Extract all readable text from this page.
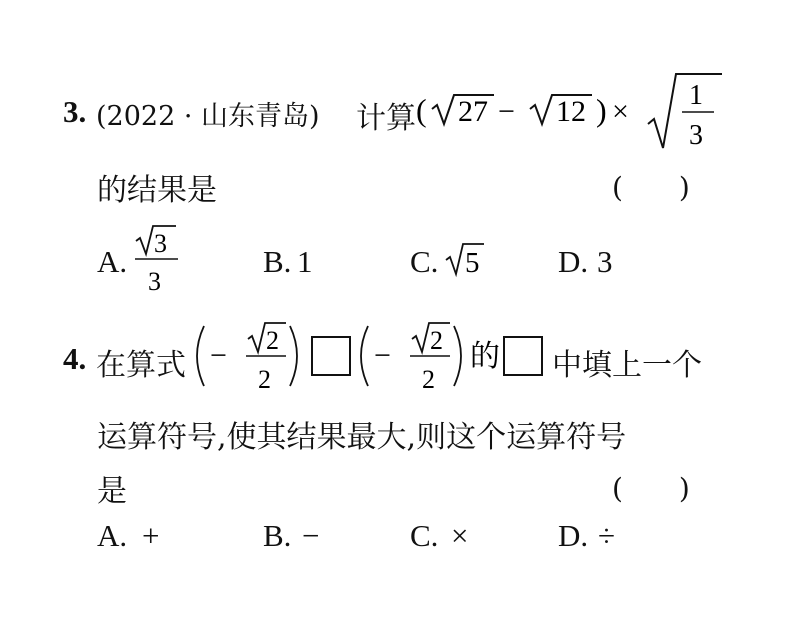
3. (2022 · 山东青岛) 计算 ( 27 − 12 ) × 1
3
的结果是	(　　)
A.
3
3
B. 1	C. 5	D. 3
4. 在算式 − 2
2
− 2
2
的 中填上一个
运算符号,使其结果最大,则这个运算符号
是	(　　)
A. +	B. −	C. ×	D. ÷
